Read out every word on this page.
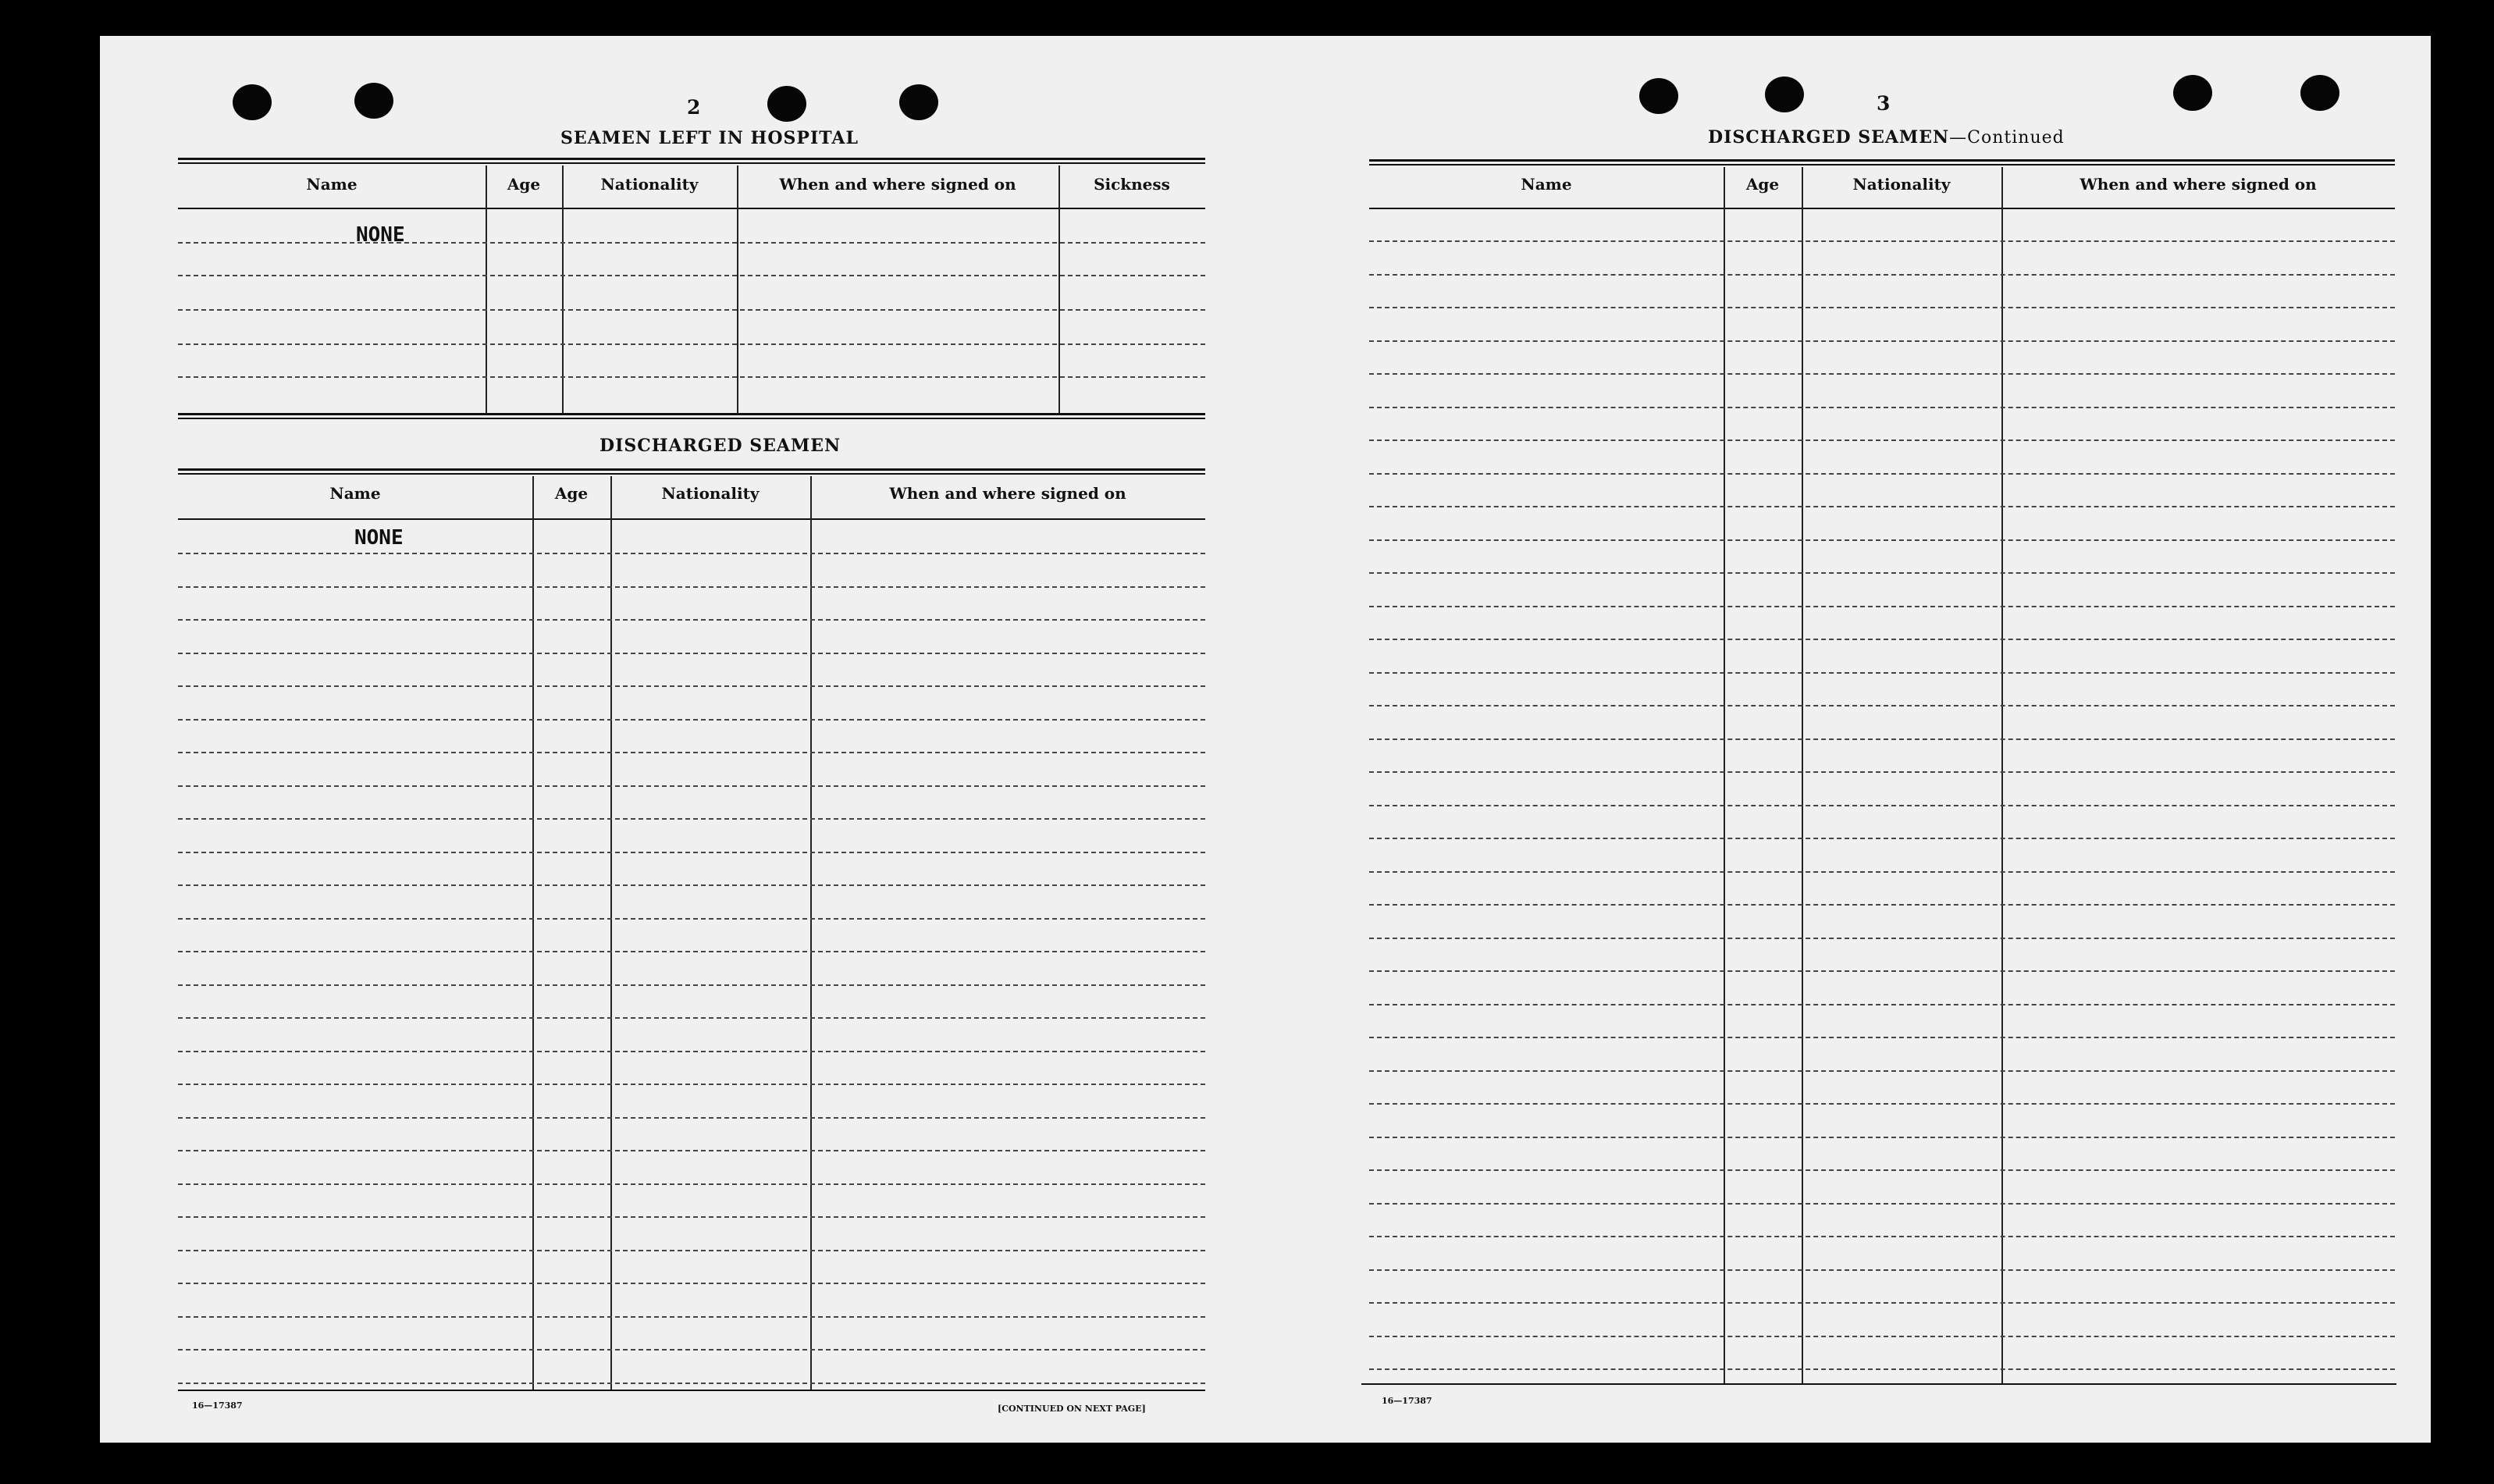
2

SEAMEN LEFT IN HOSPITAL

Name	Age	Nationality	When and where signed on	Sickness

NONE

DISCHARGED SEAMEN

Name	Age	Nationality	When and where signed on

NONE

16—17387	[CONTINUED ON NEXT PAGE]

3

DISCHARGED SEAMEN—Continued

Name	Age	Nationality	When and where signed on

16—17387
